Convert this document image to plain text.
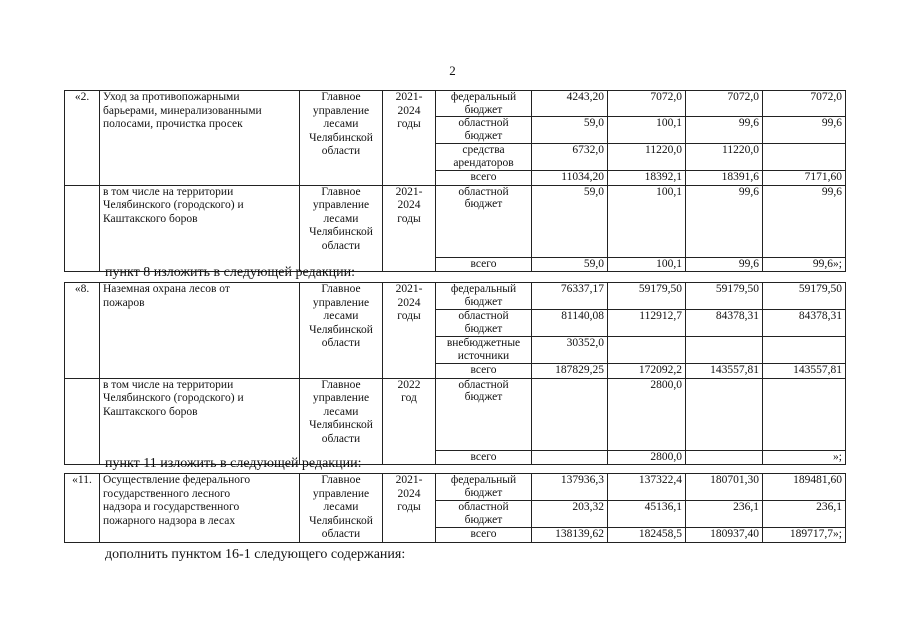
2
«2.	Уход за противопожарными
барьерами, минерализованными
полосами, прочистка просек	Главное
управление
лесами
Челябинской
области	2021-
2024
годы	федеральный бюджет	4243,20	7072,0	7072,0	7072,0
				областной бюджет	59,0	100,1	99,6	99,6
				средства арендаторов	6732,0	11220,0	11220,0	
				всего	11034,20	18392,1	18391,6	7171,60

	в том числе на территории
Челябинского (городского) и
Каштакского боров	Главное
управление
лесами
Челябинской
области	2021-
2024
годы	областной бюджет	59,0	100,1	99,6	99,6
				всего	59,0	100,1	99,6	99,6»;
«8.	Наземная охрана лесов от
пожаров	Главное
управление
лесами
Челябинской
области	2021-
2024
годы	федеральный бюджет	76337,17	59179,50	59179,50	59179,50
				областной бюджет	81140,08	112912,7	84378,31	84378,31
				внебюджетные источники	30352,0			
				всего	187829,25	172092,2	143557,81	143557,81

	в том числе на территории
Челябинского (городского) и
Каштакского боров	Главное
управление
лесами
Челябинской
области	2022
год	областной бюджет		2800,0		
				всего		2800,0		»;
«11.	Осуществление федерального
государственного лесного
надзора и государственного
пожарного надзора в лесах	Главное
управление
лесами
Челябинской
области	2021-
2024
годы	федеральный бюджет	137936,3	137322,4	180701,30	189481,60
				областной бюджет	203,32	45136,1	236,1	236,1
				всего	138139,62	182458,5	180937,40	189717,7»;
пункт 8 изложить в следующей редакции:
пункт 11 изложить в следующей редакции:
дополнить пунктом 16-1 следующего содержания:
